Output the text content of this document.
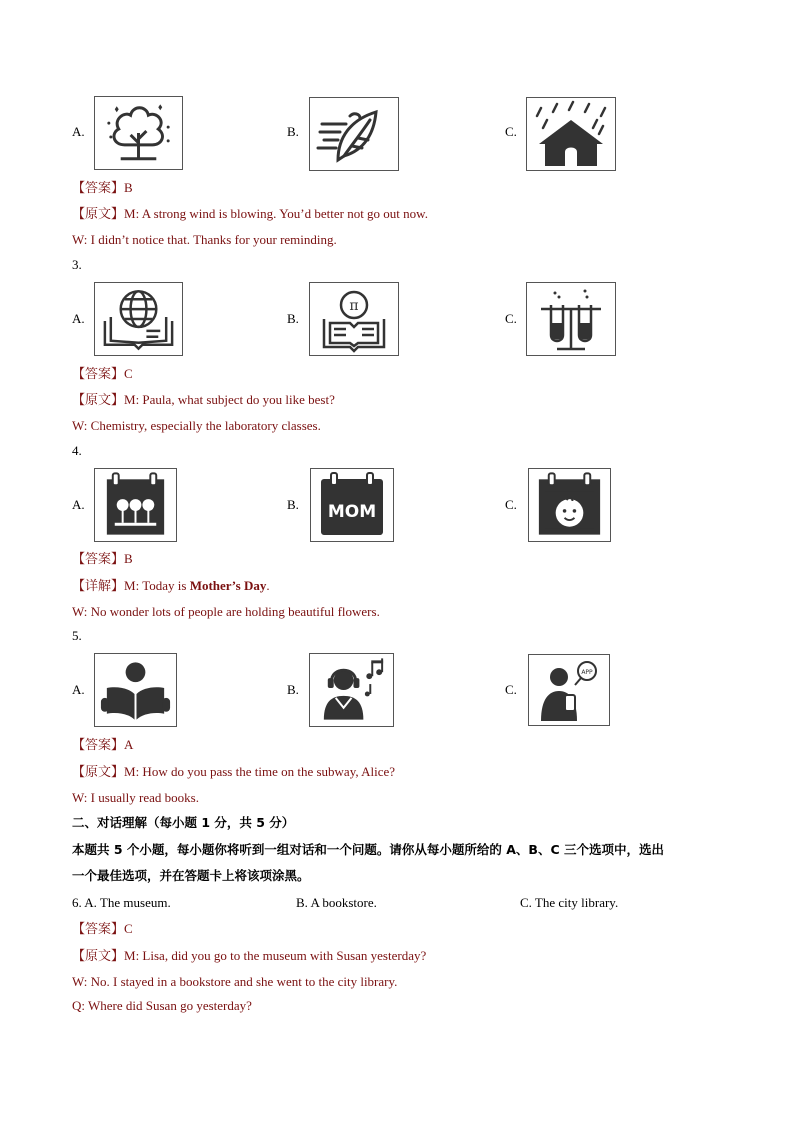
A.	B.	C.
【答案】B
【原文】M: A strong wind is blowing. You’d better not go out now.
W: I didn’t notice that. Thanks for your reminding.
3.
A.	B.
π
C.
【答案】C
【原文】M: Paula, what subject do you like best?
W: Chemistry, especially the laboratory classes.
4.
A.	B. MOM	C.
【答案】B
【详解】M: Today is Mother’s Day.
W: No wonder lots of people are holding beautiful flowers.
5.
A.	B.	C.
APP
【答案】A
【原文】M: How do you pass the time on the subway, Alice?
W: I usually read books.
二、对话理解（每小题 1 分，共 5 分）
本题共 5 个小题，每小题你将听到一组对话和一个问题。请你从每小题所给的 A、B、C 三个选项中，选出
一个最佳选项，并在答题卡上将该项涂黑。
6. A. The museum.	B. A bookstore.	C. The city library.
【答案】C
【原文】M: Lisa, did you go to the museum with Susan yesterday?
W: No. I stayed in a bookstore and she went to the city library.
Q: Where did Susan go yesterday?
